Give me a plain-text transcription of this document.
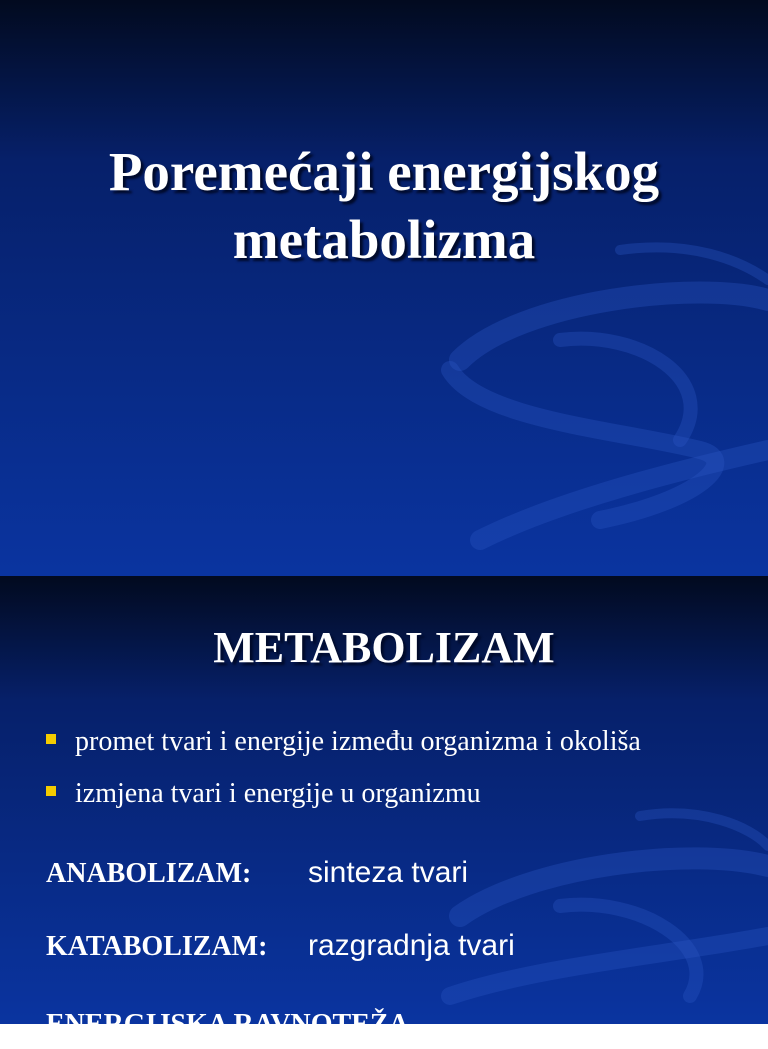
Poremećaji energijskog
metabolizma
METABOLIZAM
promet tvari i energije između organizma i okoliša
izmjena tvari i energije u organizmu
ANABOLIZAM:	sinteza tvari
KATABOLIZAM:	razgradnja tvari
ENERGIJSKA RAVNOTEŽA
